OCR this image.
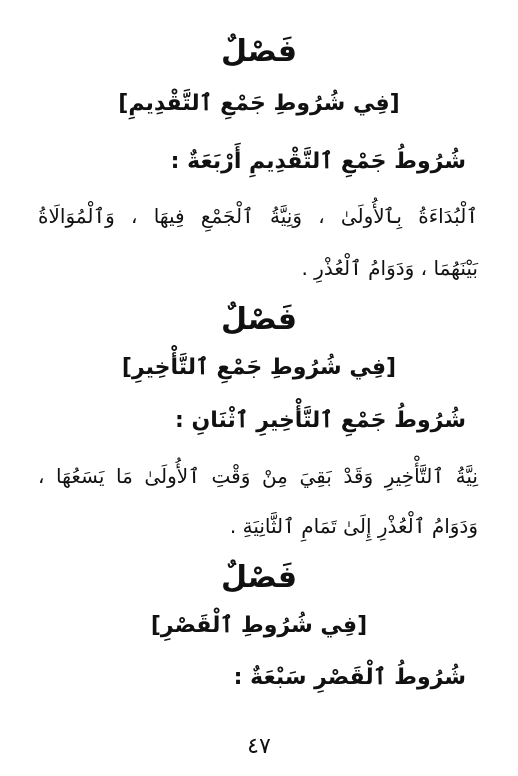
فَصْلٌ
[فِي شُرُوطِ جَمْعِ ٱلتَّقْدِيمِ]
شُرُوطُ جَمْعِ ٱلتَّقْدِيمِ أَرْبَعَةٌ :
ٱلْبُدَاءَةُ بِٱلأُولَىٰ ، وَنِيَّةُ ٱلْجَمْعِ فِيهَا ، وَٱلْمُوَالَاةُ
بَيْنَهُمَا ، وَدَوَامُ ٱلْعُذْرِ .
فَصْلٌ
[فِي شُرُوطِ جَمْعِ ٱلتَّأْخِيرِ]
شُرُوطُ جَمْعِ ٱلتَّأْخِيرِ ٱثْنَانِ :
نِيَّةُ ٱلتَّأْخِيرِ وَقَدْ بَقِيَ مِنْ وَقْتِ ٱلأُولَىٰ مَا يَسَعُهَا ،
وَدَوَامُ ٱلْعُذْرِ إِلَىٰ تَمَامِ ٱلثَّانِيَةِ .
فَصْلٌ
[فِي شُرُوطِ ٱلْقَصْرِ]
شُرُوطُ ٱلْقَصْرِ سَبْعَةٌ :
٤٧
